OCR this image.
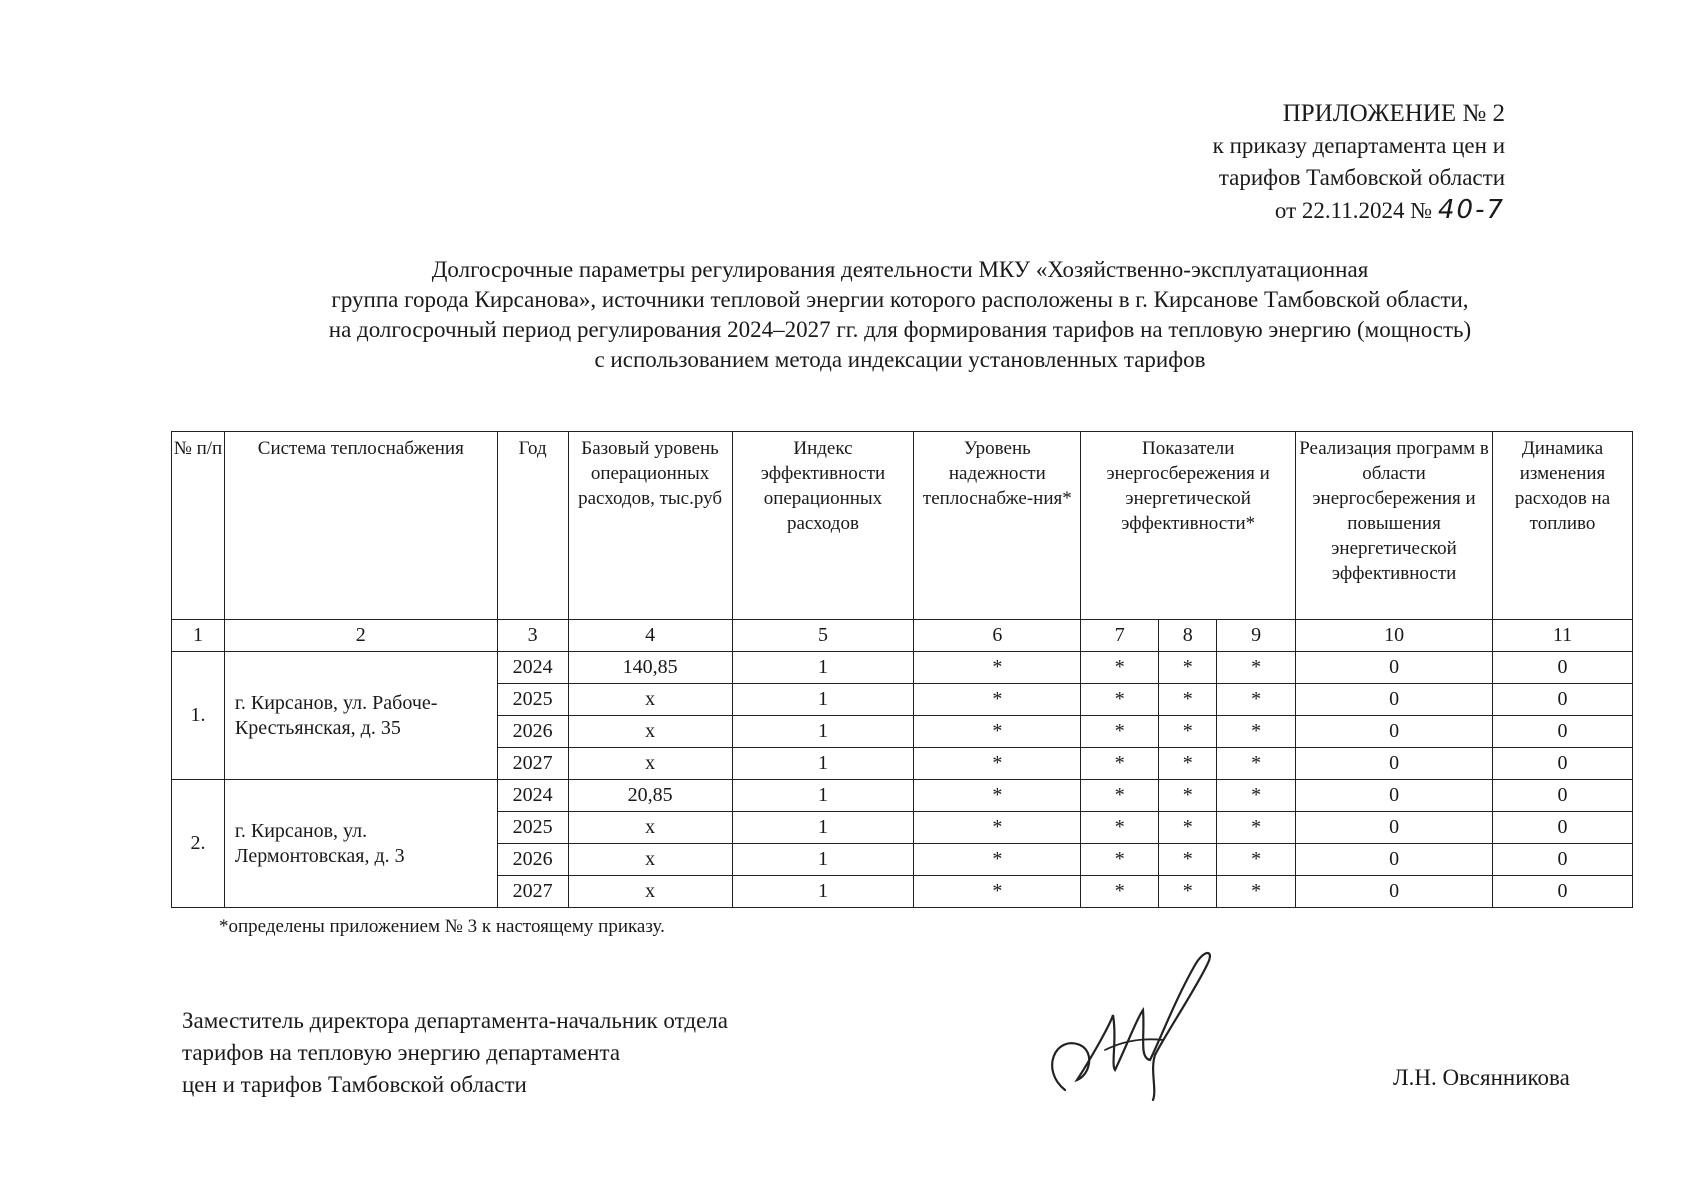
ПРИЛОЖЕНИЕ № 2
к приказу департамента цен и
тарифов Тамбовской области
от 22.11.2024 № 40-7
Долгосрочные параметры регулирования деятельности МКУ «Хозяйственно-эксплуатационная
группа города Кирсанова», источники тепловой энергии которого расположены в г. Кирсанове Тамбовской области,
на долгосрочный период регулирования 2024–2027 гг. для формирования тарифов на тепловую энергию (мощность)
с использованием метода индексации установленных тарифов
№ п/п	Система теплоснабжения	Год	Базовый уровень операционных расходов, тыс.руб	Индекс эффективности операционных расходов	Уровень надежности теплоснабже-ния*	Показатели энергосбережения и энергетической эффективности*			Реализация программ в области энергосбережения и повышения энергетической эффективности	Динамика изменения расходов на топливо
1	2	3	4	5	6	7	8	9	10	11
1.	г. Кирсанов, ул. Рабоче-Крестьянская, д. 35	2024	140,85	1	*	*	*	*	0	0
		2025	х	1	*	*	*	*	0	0
		2026	х	1	*	*	*	*	0	0
		2027	х	1	*	*	*	*	0	0
2.	г. Кирсанов, ул. Лермонтовская, д. 3	2024	20,85	1	*	*	*	*	0	0
		2025	х	1	*	*	*	*	0	0
		2026	х	1	*	*	*	*	0	0
		2027	х	1	*	*	*	*	0	0
*определены приложением № 3 к настоящему приказу.
Заместитель директора департамента-начальник отдела
тарифов на тепловую энергию департамента
цен и тарифов Тамбовской области	Л.Н. Овсянникова
